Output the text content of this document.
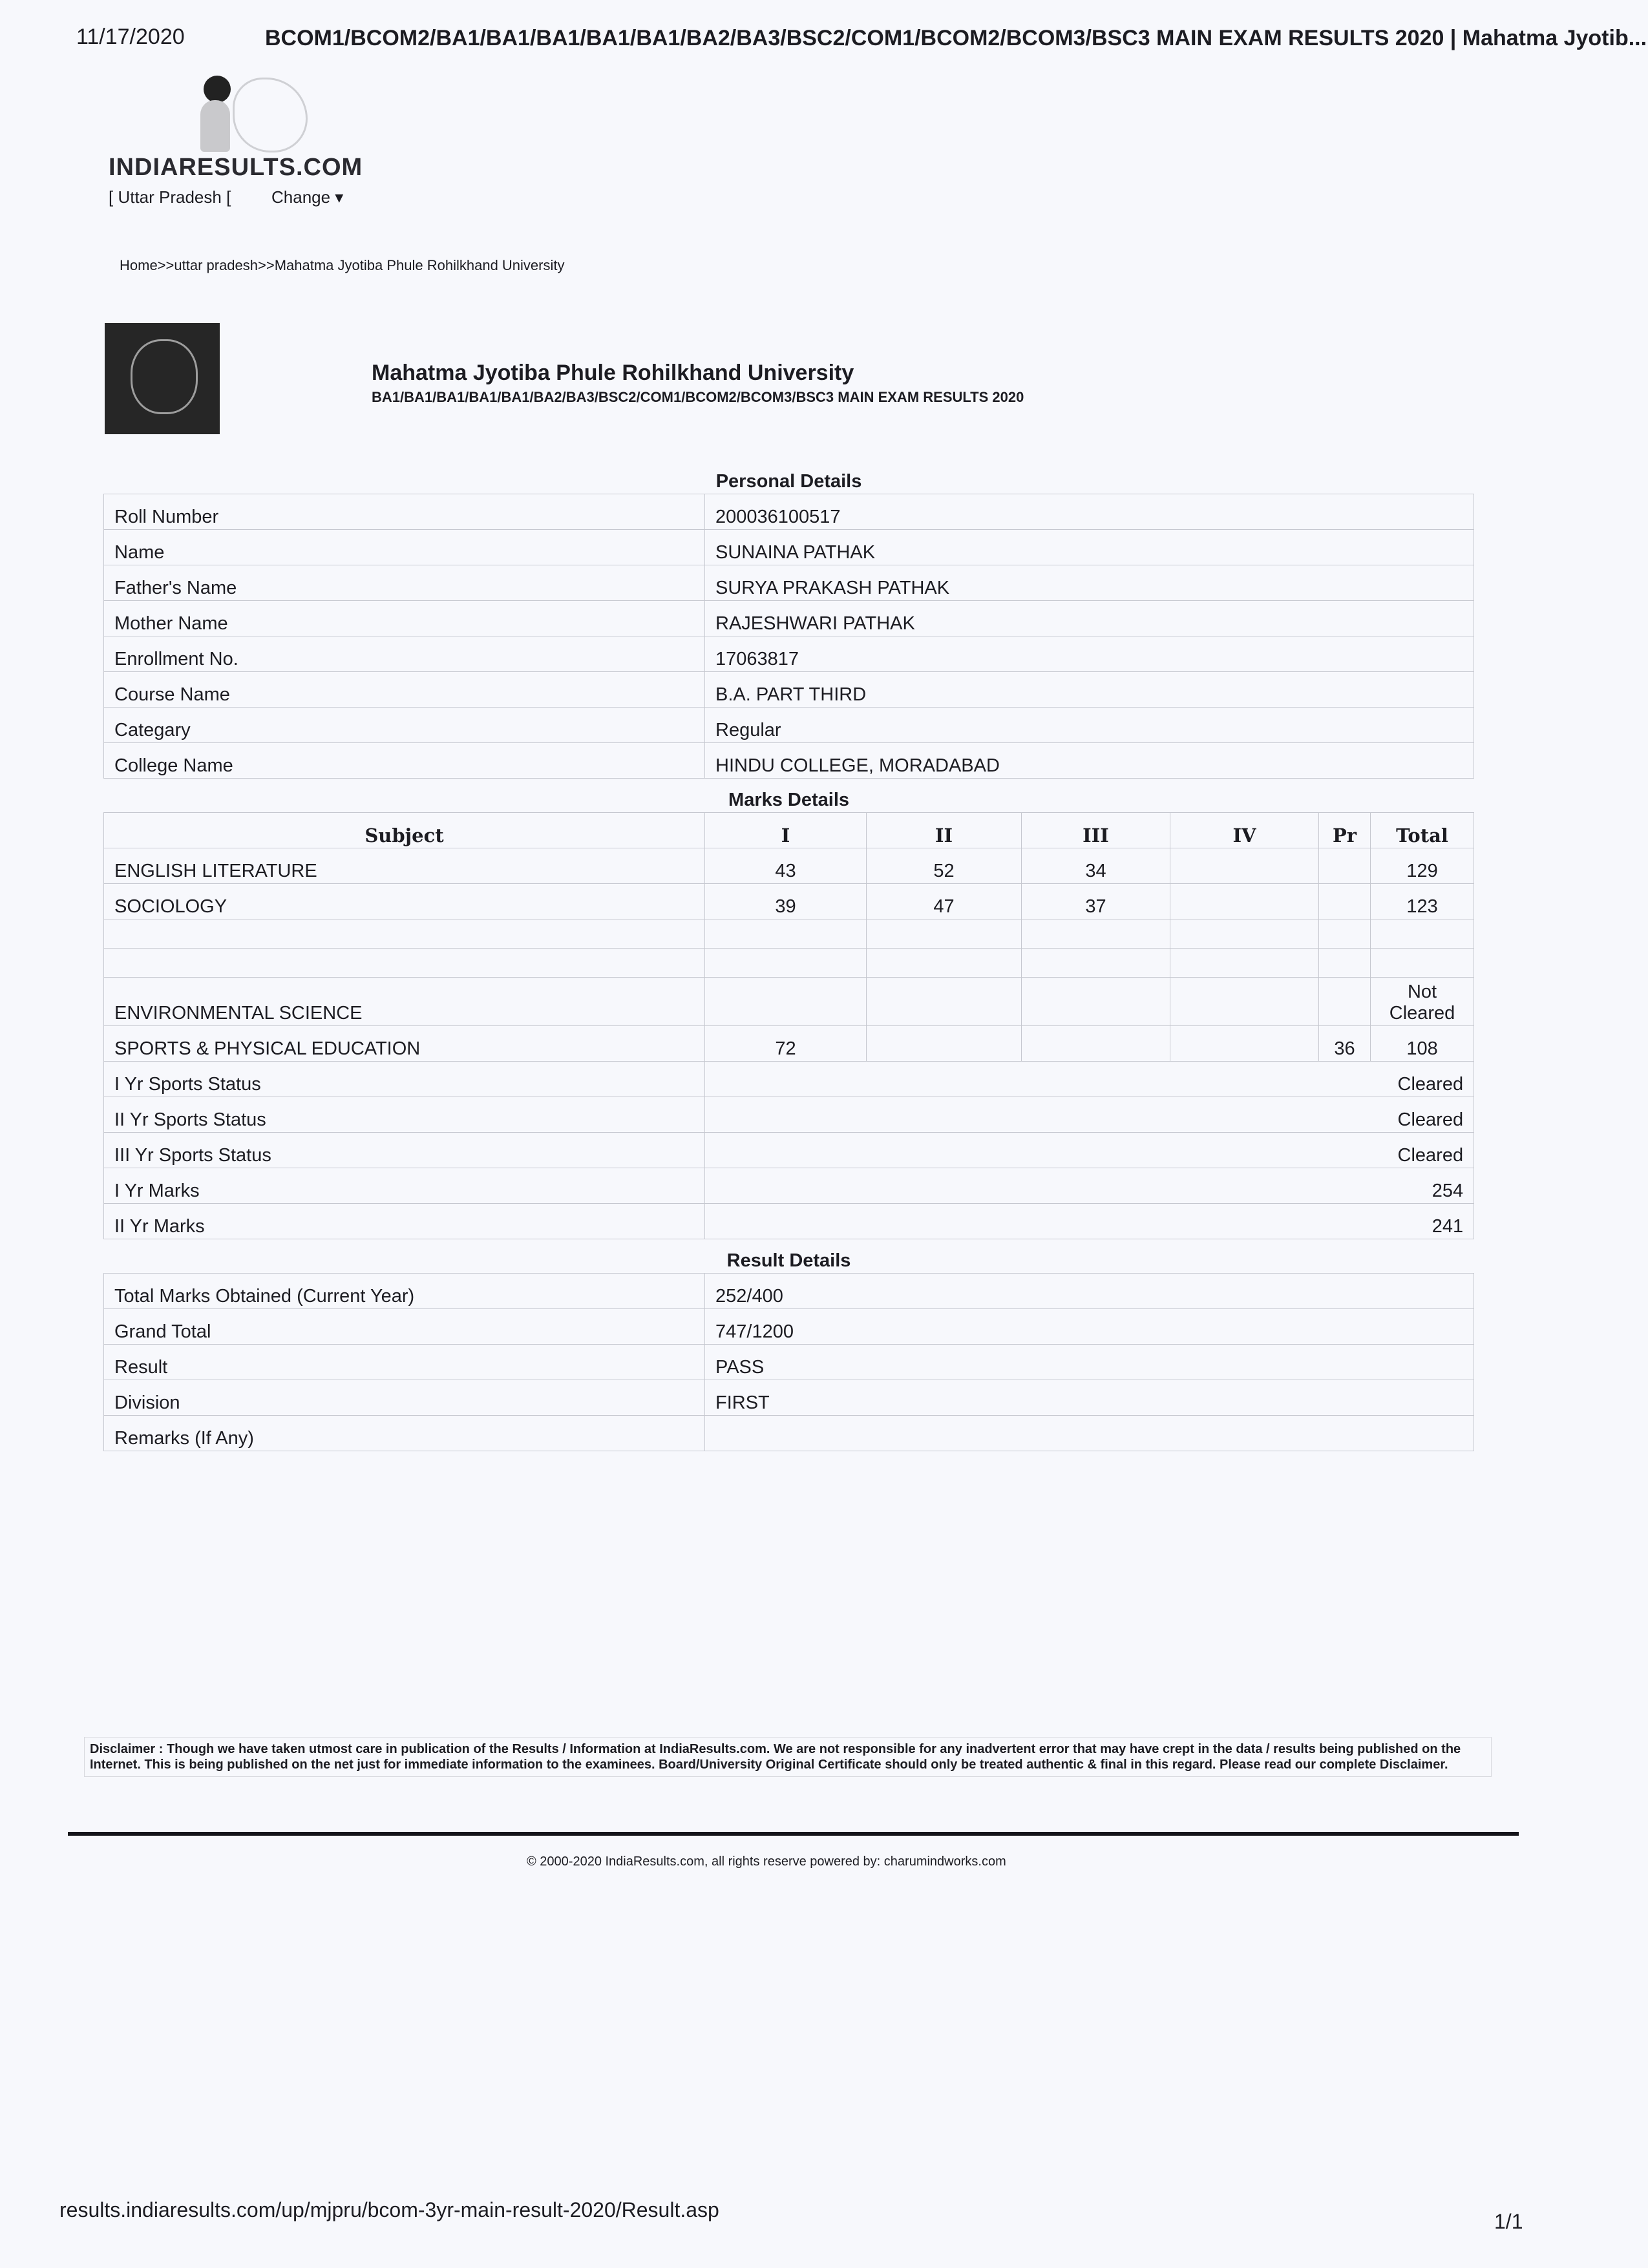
11/17/2020	BCOM1/BCOM2/BA1/BA1/BA1/BA1/BA1/BA2/BA3/BSC2/COM1/BCOM2/BCOM3/BSC3 MAIN EXAM RESULTS 2020 | Mahatma Jyotib...
INDIARESULTS.COM
[ Uttar Pradesh [ Change ▾
Home>>uttar pradesh>>Mahatma Jyotiba Phule Rohilkhand University
Mahatma Jyotiba Phule Rohilkhand University
BA1/BA1/BA1/BA1/BA1/BA2/BA3/BSC2/COM1/BCOM2/BCOM3/BSC3 MAIN EXAM RESULTS 2020
Personal Details						
Roll Number	200036100517					
Name	SUNAINA PATHAK					
Father's Name	SURYA PRAKASH PATHAK					
Mother Name	RAJESHWARI PATHAK					
Enrollment No.	17063817					
Course Name	B.A. PART THIRD					
Categary	Regular					
College Name	HINDU COLLEGE, MORADABAD					
Marks Details						
Subject	I	II	III	IV	Pr	Total
ENGLISH LITERATURE	43	52	34			129
SOCIOLOGY	39	47	37			123

ENVIRONMENTAL SCIENCE						Not Cleared
SPORTS & PHYSICAL EDUCATION	72				36	108
I Yr Sports Status	Cleared					
II Yr Sports Status	Cleared					
III Yr Sports Status	Cleared					
I Yr Marks	254					
II Yr Marks	241					
Result Details						
Total Marks Obtained (Current Year)	252/400					
Grand Total	747/1200					
Result	PASS					
Division	FIRST					
Remarks (If Any)						
Disclaimer : Though we have taken utmost care in publication of the Results / Information at IndiaResults.com. We are not responsible for any inadvertent error that may have crept in the data / results being published on the Internet. This is being published on the net just for immediate information to the examinees. Board/University Original Certificate should only be treated authentic & final in this regard. Please read our complete Disclaimer.
© 2000-2020 IndiaResults.com, all rights reserve powered by: charumindworks.com
results.indiaresults.com/up/mjpru/bcom-3yr-main-result-2020/Result.asp	1/1
